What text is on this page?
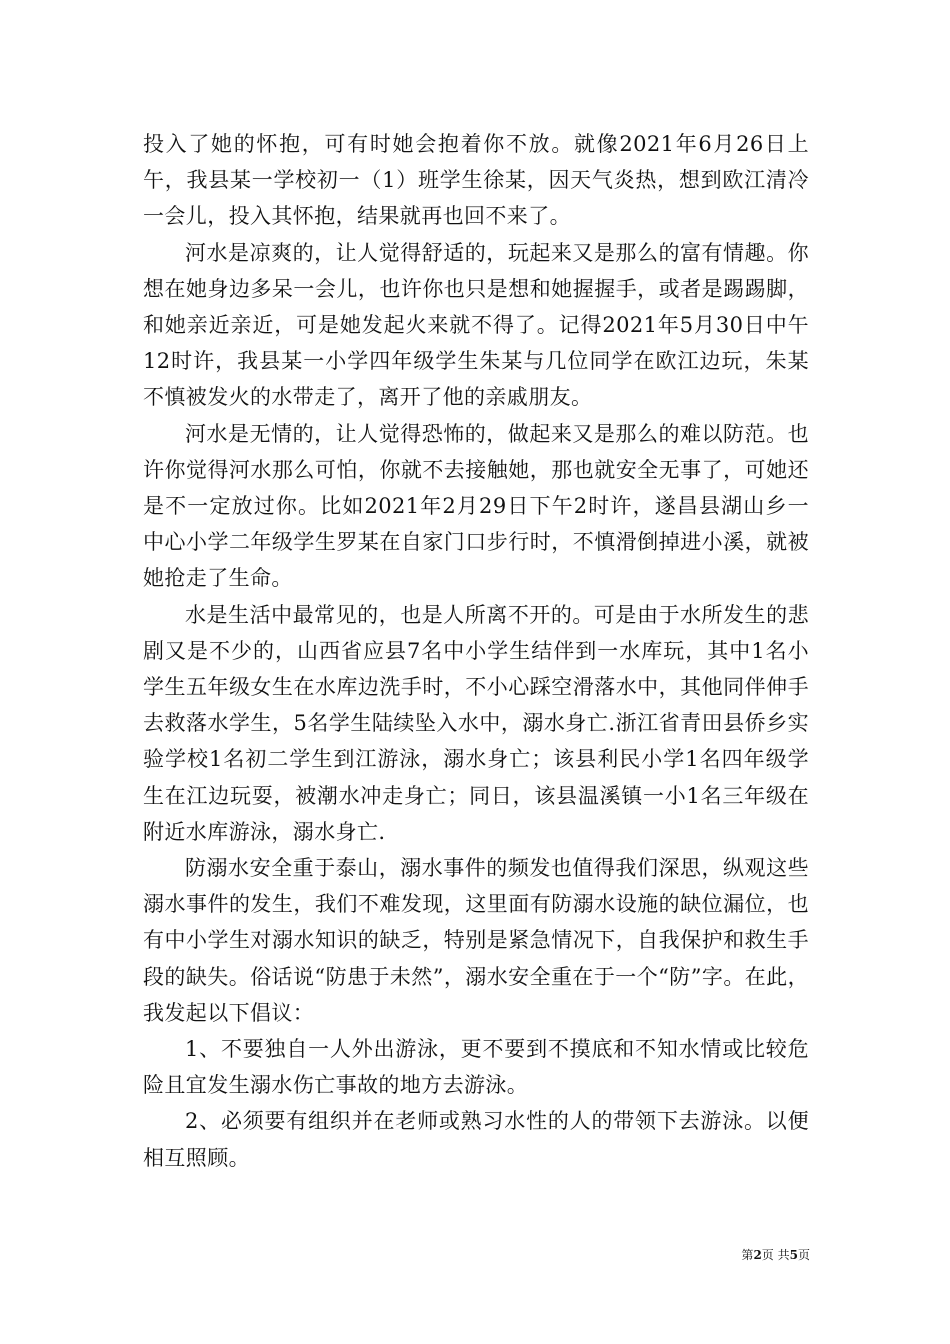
投入了她的怀抱，可有时她会抱着你不放。就像2021年6月26日上午，我县某一学校初一（1）班学生徐某，因天气炎热，想到欧江清冷一会儿，投入其怀抱，结果就再也回不来了。

河水是凉爽的，让人觉得舒适的，玩起来又是那么的富有情趣。你想在她身边多呆一会儿，也许你也只是想和她握握手，或者是踢踢脚，和她亲近亲近，可是她发起火来就不得了。记得2021年5月30日中午12时许，我县某一小学四年级学生朱某与几位同学在欧江边玩，朱某不慎被发火的水带走了，离开了他的亲戚朋友。

河水是无情的，让人觉得恐怖的，做起来又是那么的难以防范。也许你觉得河水那么可怕，你就不去接触她，那也就安全无事了，可她还是不一定放过你。比如2021年2月29日下午2时许，遂昌县湖山乡一中心小学二年级学生罗某在自家门口步行时，不慎滑倒掉进小溪，就被她抢走了生命。

水是生活中最常见的，也是人所离不开的。可是由于水所发生的悲剧又是不少的，山西省应县7名中小学生结伴到一水库玩，其中1名小学生五年级女生在水库边洗手时，不小心踩空滑落水中，其他同伴伸手去救落水学生，5名学生陆续坠入水中，溺水身亡.浙江省青田县侨乡实验学校1名初二学生到江游泳，溺水身亡；该县利民小学1名四年级学生在江边玩耍，被潮水冲走身亡；同日，该县温溪镇一小1名三年级在附近水库游泳，溺水身亡.

防溺水安全重于泰山，溺水事件的频发也值得我们深思，纵观这些溺水事件的发生，我们不难发现，这里面有防溺水设施的缺位漏位，也有中小学生对溺水知识的缺乏，特别是紧急情况下，自我保护和救生手段的缺失。俗话说“防患于未然”，溺水安全重在于一个“防”字。在此，我发起以下倡议：

1、不要独自一人外出游泳，更不要到不摸底和不知水情或比较危险且宜发生溺水伤亡事故的地方去游泳。

2、必须要有组织并在老师或熟习水性的人的带领下去游泳。以便相互照顾。

第2页 共5页
